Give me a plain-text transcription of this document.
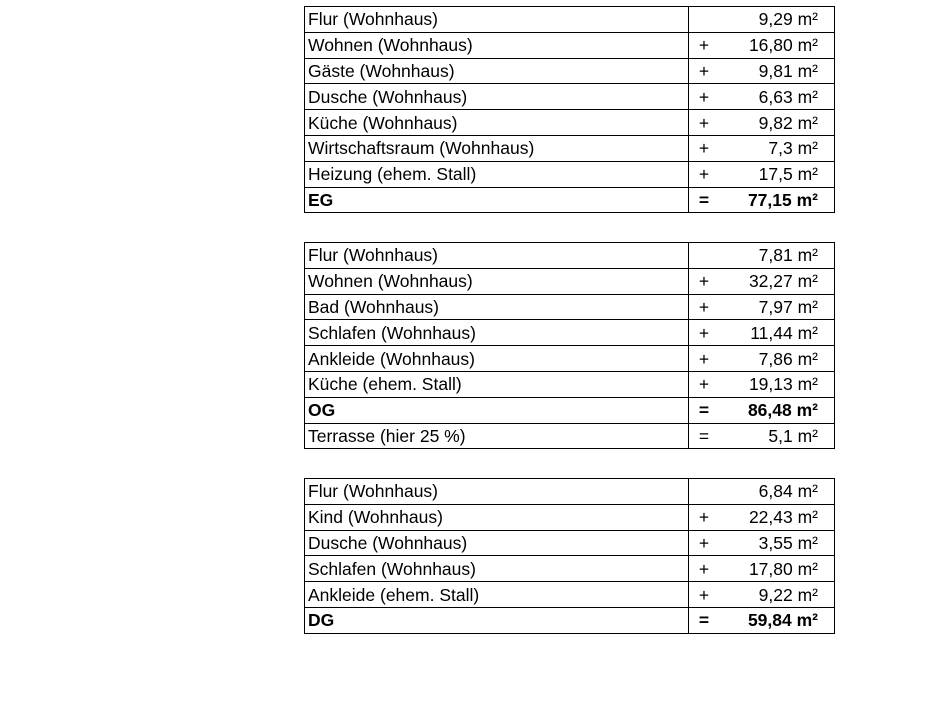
Flur (Wohnhaus)		9,29 m²
Wohnen (Wohnhaus)	+	16,80 m²
Gäste (Wohnhaus)	+	9,81 m²
Dusche (Wohnhaus)	+	6,63 m²
Küche (Wohnhaus)	+	9,82 m²
Wirtschaftsraum (Wohnhaus)	+	7,3 m²
Heizung (ehem. Stall)	+	17,5 m²
EG	=	77,15 m²
Flur (Wohnhaus)		7,81 m²
Wohnen (Wohnhaus)	+	32,27 m²
Bad (Wohnhaus)	+	7,97 m²
Schlafen (Wohnhaus)	+	11,44 m²
Ankleide (Wohnhaus)	+	7,86 m²
Küche (ehem. Stall)	+	19,13 m²
OG	=	86,48 m²
Terrasse (hier 25 %)	=	5,1 m²
Flur (Wohnhaus)		6,84 m²
Kind (Wohnhaus)	+	22,43 m²
Dusche (Wohnhaus)	+	3,55 m²
Schlafen (Wohnhaus)	+	17,80 m²
Ankleide (ehem. Stall)	+	9,22 m²
DG	=	59,84 m²
